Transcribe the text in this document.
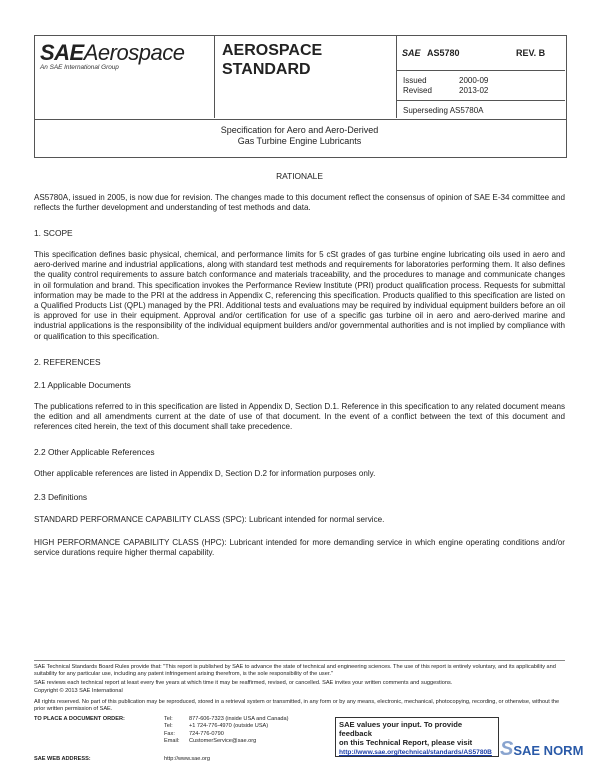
SAEAerospace
An SAE International Group
AEROSPACE
STANDARD
SAE AS5780	REV. B
Issued	2000-09
Revised	2013-02
Superseding AS5780A
Specification for Aero and Aero-Derived
Gas Turbine Engine Lubricants
RATIONALE

AS5780A, issued in 2005, is now due for revision. The changes made to this document reflect the consensus of opinion of SAE E-34 committee and reflects the further development and understanding of test methods and data.

1. SCOPE

This specification defines basic physical, chemical, and performance limits for 5 cSt grades of gas turbine engine lubricating oils used in aero and aero-derived marine and industrial applications, along with standard test methods and requirements for laboratories performing them. It also defines the quality control requirements to assure batch conformance and materials traceability, and the procedures to manage and communicate changes in oil formulation and brand. This specification invokes the Performance Review Institute (PRI) product qualification process. Requests for submittal information may be made to the PRI at the address in Appendix C, referencing this specification. Products qualified to this specification are listed on a Qualified Products List (QPL) managed by the PRI. Additional tests and evaluations may be required by individual equipment builders before an oil is approved for use in their equipment. Approval and/or certification for use of a specific gas turbine oil in aero and aero-derived marine and industrial applications is the responsibility of the individual equipment builders and/or governmental authorities and is not implied by compliance with or qualification to this specification.

2. REFERENCES
2.1 Applicable Documents

The publications referred to in this specification are listed in Appendix D, Section D.1. Reference in this specification to any related document means the edition and all amendments current at the date of use of that document. In the event of a conflict between the text of this document and references cited herein, the text of this document shall take precedence.

2.2 Other Applicable References

Other applicable references are listed in Appendix D, Section D.2 for information purposes only.

2.3 Definitions

STANDARD PERFORMANCE CAPABILITY CLASS (SPC): Lubricant intended for normal service.

HIGH PERFORMANCE CAPABILITY CLASS (HPC): Lubricant intended for more demanding service in which engine operating conditions and/or service durations require higher thermal capability.

SAE Technical Standards Board Rules provide that: "This report is published by SAE to advance the state of technical and engineering sciences. The use of this report is entirely voluntary, and its applicability and suitability for any particular use, including any patent infringement arising therefrom, is the sole responsibility of the user."

SAE reviews each technical report at least every five years at which time it may be reaffirmed, revised, or cancelled. SAE invites your written comments and suggestions.

Copyright © 2013 SAE International

All rights reserved. No part of this publication may be reproduced, stored in a retrieval system or transmitted, in any form or by any means, electronic, mechanical, photocopying, recording, or otherwise, without the prior written permission of SAE.

TO PLACE A DOCUMENT ORDER:	Tel:	877-606-7323 (inside USA and Canada)
Tel:	+1 724-776-4970 (outside USA)
Fax:	724-776-0790
Email: CustomerService@sae.org
SAE WEB ADDRESS:	http://www.sae.org
SAE values your input. To provide feedback
on this Technical Report, please visit
http://www.sae.org/technical/standards/AS5780B SSAE NORM
